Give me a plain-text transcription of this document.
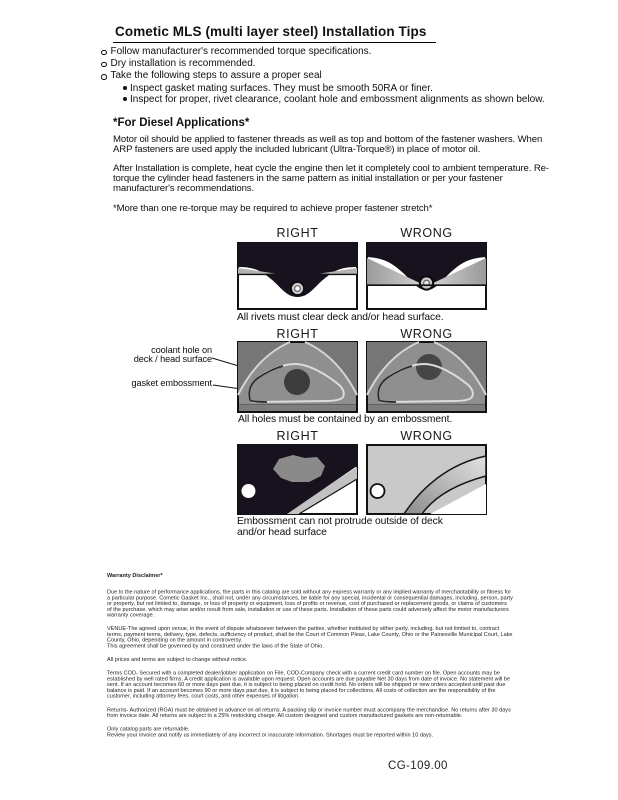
Cometic MLS (multi layer steel) Installation Tips
Follow manufacturer's recommended torque specifications.
Dry installation is recommended.
Take the following steps to assure a proper seal
Inspect gasket mating surfaces. They must be smooth 50RA or finer.
Inspect for proper, rivet clearance, coolant hole and embossment alignments as shown below.
*For Diesel Applications*
Motor oil should be applied to fastener threads as well as top and bottom of the fastener washers. When ARP fasteners are used apply the included lubricant (Ultra-Torque®) in place of motor oil.
After Installation is complete, heat cycle the engine then let it completely cool to ambient temperature. Re-torque the cylinder head fasteners in the same pattern as initial installation or per your fastener manufacturer's recommendations.
*More than one re-torque may be required to achieve proper fastener stretch*
RIGHT	WRONG
All rivets must clear deck and/or head surface.
RIGHT	WRONG
coolant hole on
deck / head surface
gasket embossment
All holes must be contained by an embossment.
RIGHT	WRONG
Embossment can not protrude outside of deck and/or head surface

Warranty Disclaimer*

Due to the nature of performance applications, the parts in this catalog are sold without any express warranty or any implied warranty of merchantability or fitness for a particular purpose. Cometic Gasket Inc., shall not, under any circumstances, be liable for any special, incidental or consequential damages, including, person, party or property, but not limited to, damage, or loss of property or equipment, loss of profits or revenue, cost of purchased or replacement goods, or claims of customers of the purchase, which may arise and/or result from sale, installation or use of these parts. Installation of these parts could adversely affect the motor manufacturers warranty coverage.

VENUE-The agreed upon venue, in the event of dispute whatsoever between the parties, whether instituted by either party, including, but not limited to, contract terms, payment terms, delivery, type, defects, sufficiency of product, shall be the Court of Common Pleas, Lake County, Ohio or the Painesville Municipal Court, Lake County, Ohio, depending on the amount in controversy.

This agreement shall be governed by and construed under the laws of the State of Ohio.

All prices and terms are subject to change without notice.

Terms COD- Secured with a completed dealer/jobber application on File, COD-Company check with a current credit card number on file. Open accounts may be established by well rated firms. A credit application is available upon request. Open accounts are due payable Net 30 days from date of invoice. No statement will be sent. If an account becomes 60 or more days past due, it is subject to being placed on credit hold. No orders will be shipped or new orders accepted until past due balance is paid. If an account becomes 90 or more days past due, it is subject to being placed for collections. All costs of collection are the responsibility of the customer, including attorney fees, court costs, and other expenses of litigation.

Returns- Authorized (RGA) must be obtained in advance on all returns. A packing slip or invoice number must accompany the merchandise. No returns after 30 days from invoice date. All returns are subject to a 25% restocking charge. All custom designed and custom manufactured gaskets are non-returnable.

Only catalog parts are returnable.

Review your invoice and notify us immediately of any incorrect or inaccurate information. Shortages must be reported within 10 days.

CG-109.00
